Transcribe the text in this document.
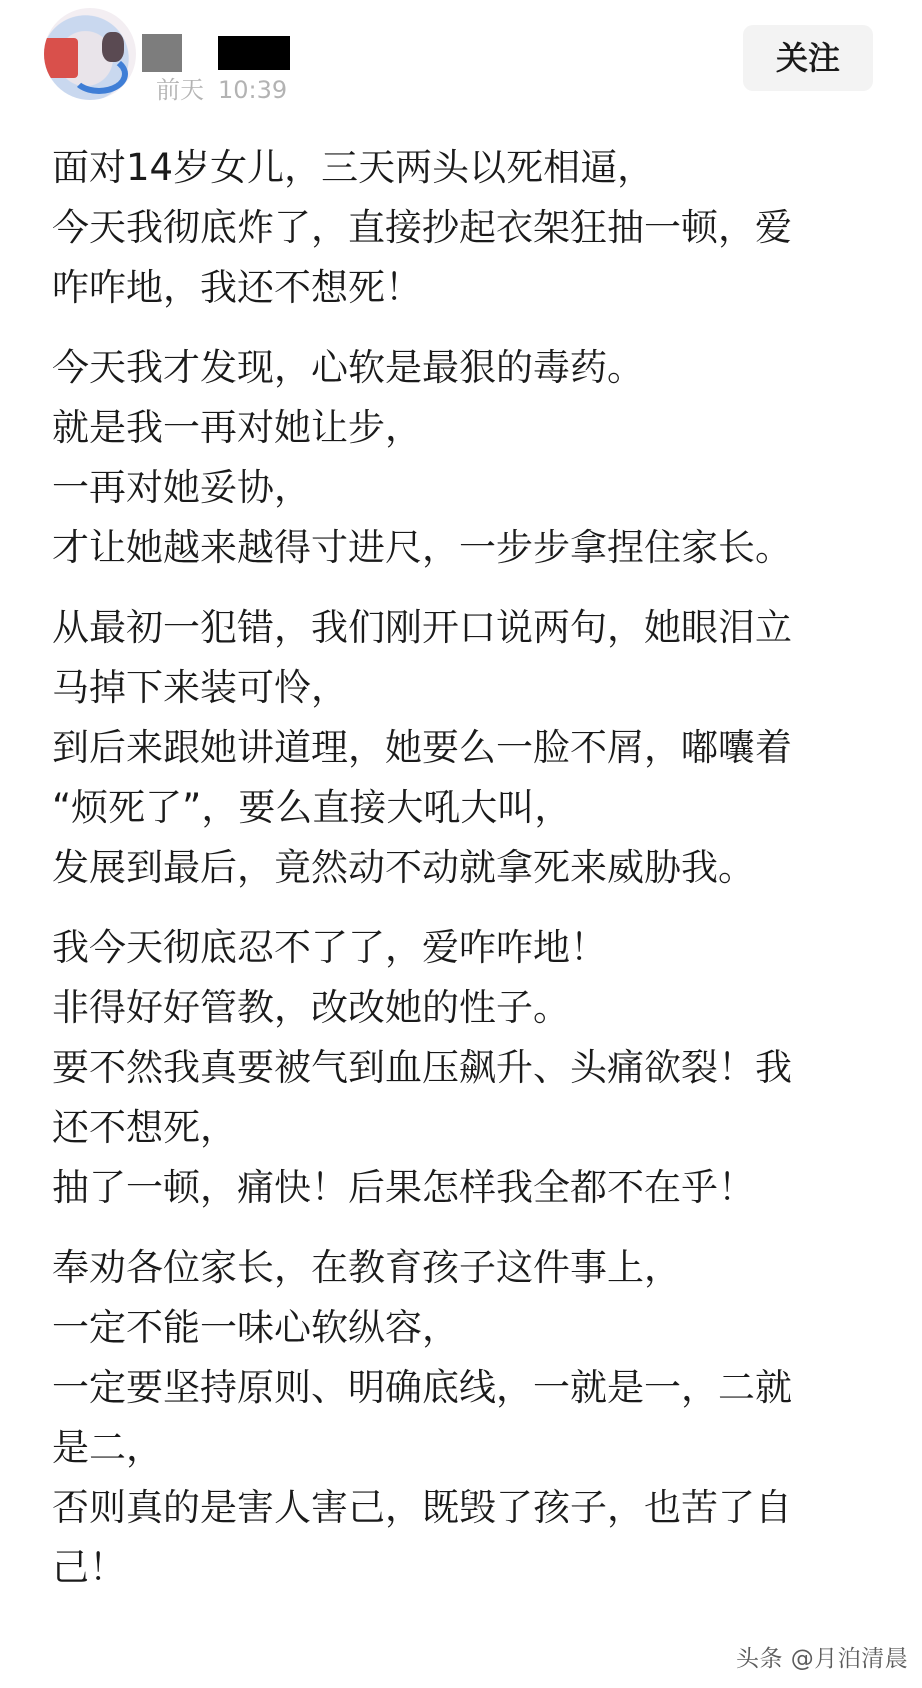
前天 10:39
关注
面对14岁女儿，三天两头以死相逼，
今天我彻底炸了，直接抄起衣架狂抽一顿，爱
咋咋地，我还不想死！
今天我才发现，心软是最狠的毒药。
就是我一再对她让步，
一再对她妥协，
才让她越来越得寸进尺，一步步拿捏住家长。
从最初一犯错，我们刚开口说两句，她眼泪立
马掉下来装可怜，
到后来跟她讲道理，她要么一脸不屑，嘟囔着
“烦死了”，要么直接大吼大叫，
发展到最后，竟然动不动就拿死来威胁我。
我今天彻底忍不了了，爱咋咋地！
非得好好管教，改改她的性子。
要不然我真要被气到血压飙升、头痛欲裂！我
还不想死，
抽了一顿，痛快！后果怎样我全都不在乎！
奉劝各位家长，在教育孩子这件事上，
一定不能一味心软纵容，
一定要坚持原则、明确底线，一就是一，二就
是二，
否则真的是害人害己，既毁了孩子，也苦了自
己！
头条 @月泊清晨
